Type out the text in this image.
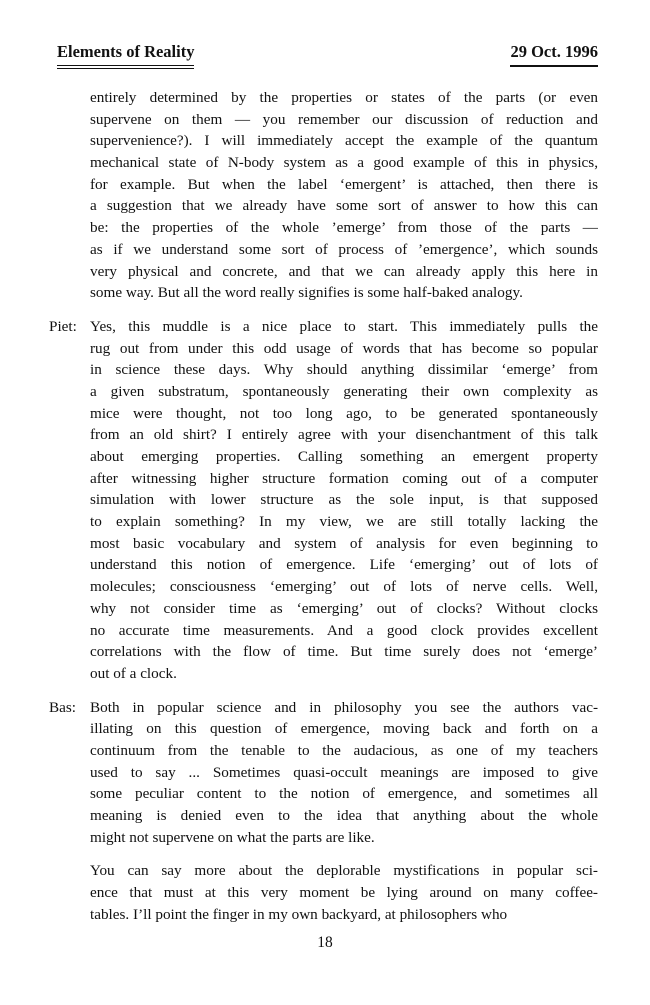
Elements of Reality	29 Oct. 1996
entirely determined by the properties or states of the parts (or even
supervene on them — you remember our discussion of reduction and
supervenience?). I will immediately accept the example of the quantum
mechanical state of N-body system as a good example of this in physics,
for example. But when the label ‘emergent’ is attached, then there is
a suggestion that we already have some sort of answer to how this can
be: the properties of the whole ’emerge’ from those of the parts —
as if we understand some sort of process of ’emergence’, which sounds
very physical and concrete, and that we can already apply this here in
some way. But all the word really signifies is some half-baked analogy.
Piet: Yes, this muddle is a nice place to start. This immediately pulls the
rug out from under this odd usage of words that has become so popular
in science these days. Why should anything dissimilar ‘emerge’ from
a given substratum, spontaneously generating their own complexity as
mice were thought, not too long ago, to be generated spontaneously
from an old shirt? I entirely agree with your disenchantment of this talk
about emerging properties. Calling something an emergent property
after witnessing higher structure formation coming out of a computer
simulation with lower structure as the sole input, is that supposed
to explain something? In my view, we are still totally lacking the
most basic vocabulary and system of analysis for even beginning to
understand this notion of emergence. Life ‘emerging’ out of lots of
molecules; consciousness ‘emerging’ out of lots of nerve cells. Well,
why not consider time as ‘emerging’ out of clocks? Without clocks
no accurate time measurements. And a good clock provides excellent
correlations with the flow of time. But time surely does not ‘emerge’
out of a clock.
Bas: Both in popular science and in philosophy you see the authors vac-
illating on this question of emergence, moving back and forth on a
continuum from the tenable to the audacious, as one of my teachers
used to say ... Sometimes quasi-occult meanings are imposed to give
some peculiar content to the notion of emergence, and sometimes all
meaning is denied even to the idea that anything about the whole
might not supervene on what the parts are like.
You can say more about the deplorable mystifications in popular sci-
ence that must at this very moment be lying around on many coffee-
tables. I’ll point the finger in my own backyard, at philosophers who
18
